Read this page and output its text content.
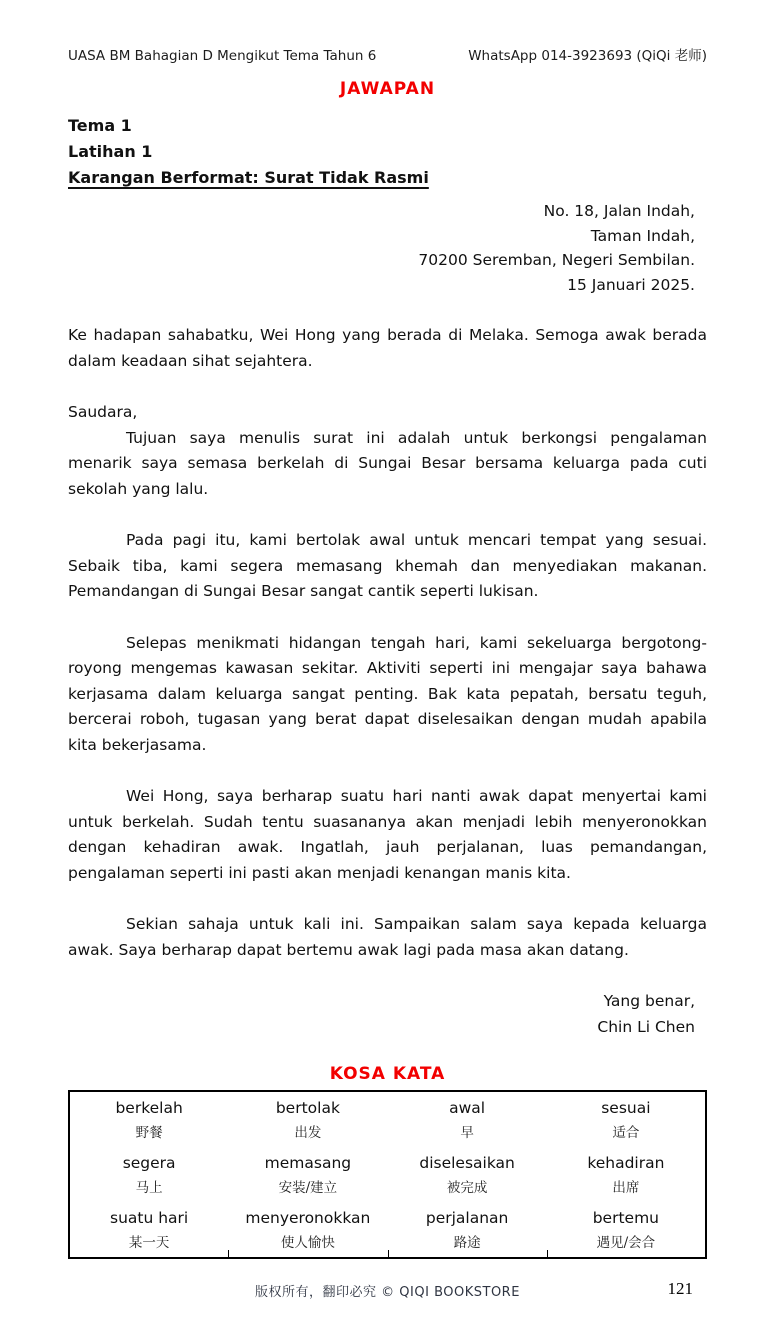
UASA BM Bahagian D Mengikut Tema Tahun 6	WhatsApp 014-3923693 (QiQi 老师)
JAWAPAN
Tema 1
Latihan 1
Karangan Berformat: Surat Tidak Rasmi
No. 18, Jalan Indah,
Taman Indah,
70200 Seremban, Negeri Sembilan.
15 Januari 2025.

Ke hadapan sahabatku, Wei Hong yang berada di Melaka. Semoga awak berada dalam keadaan sihat sejahtera.

Saudara,

Tujuan saya menulis surat ini adalah untuk berkongsi pengalaman menarik saya semasa berkelah di Sungai Besar bersama keluarga pada cuti sekolah yang lalu.

Pada pagi itu, kami bertolak awal untuk mencari tempat yang sesuai. Sebaik tiba, kami segera memasang khemah dan menyediakan makanan. Pemandangan di Sungai Besar sangat cantik seperti lukisan.

Selepas menikmati hidangan tengah hari, kami sekeluarga bergotong-royong mengemas kawasan sekitar. Aktiviti seperti ini mengajar saya bahawa kerjasama dalam keluarga sangat penting. Bak kata pepatah, bersatu teguh, bercerai roboh, tugasan yang berat dapat diselesaikan dengan mudah apabila kita bekerjasama.

Wei Hong, saya berharap suatu hari nanti awak dapat menyertai kami untuk berkelah. Sudah tentu suasananya akan menjadi lebih menyeronokkan dengan kehadiran awak. Ingatlah, jauh perjalanan, luas pemandangan, pengalaman seperti ini pasti akan menjadi kenangan manis kita.

Sekian sahaja untuk kali ini. Sampaikan salam saya kepada keluarga awak. Saya berharap dapat bertemu awak lagi pada masa akan datang.

Yang benar,
Chin Li Chen
KOSA KATA
berkelah	bertolak	awal	sesuai
野餐	出发	早	适合
segera	memasang	diselesaikan	kehadiran
马上	安装/建立	被完成	出席
suatu hari	menyeronokkan	perjalanan	bertemu
某一天	使人愉快	路途	遇见/会合
版权所有，翻印必究 © QIQI BOOKSTORE	121
